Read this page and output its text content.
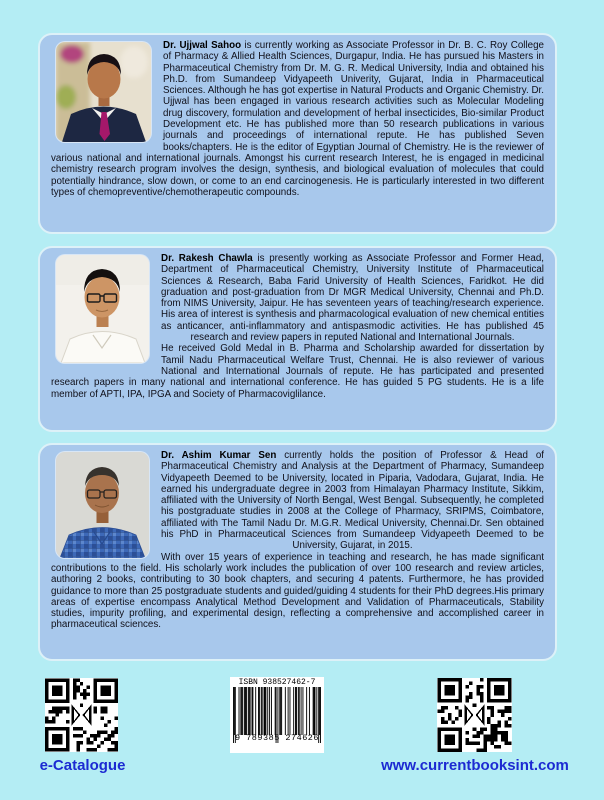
Dr. Ujjwal Sahoo is currently working as Associate Professor in Dr. B. C. Roy College of Pharmacy & Allied Health Sciences, Durgapur, India. He has pursued his Masters in Pharmaceutical Chemistry from Dr. M. G. R. Medical University, India and obtained his Ph.D. from Sumandeep Vidyapeeth Univerity, Gujarat, India in Pharmaceutical Sciences. Although he has got expertise in Natural Products and Organic Chemistry. Dr. Ujjwal has been engaged in various research activities such as Molecular Modeling drug discovery, formulation and development of herbal insecticides, Bio-similar Product Development etc. He has published more than 50 research publications in various journals and proceedings of international repute. He has published Seven books/chapters. He is the editor of Egyptian Journal of Chemistry. He is the reviewer of various national and international journals. Amongst his current research Interest, he is engaged in medicinal chemistry research program involves the design, synthesis, and biological evaluation of molecules that could potentially hindrance, slow down, or come to an end carcinogenesis. He is particularly interested in two different types of chemopreventive/chemotherapeutic compounds.

Dr. Rakesh Chawla is presently working as Associate Professor and Former Head, Department of Pharmaceutical Chemistry, University Institute of Pharmaceutical Sciences & Research, Baba Farid University of Health Sciences, Faridkot. He did graduation and post-graduation from Dr MGR Medical University, Chennai and Ph.D. from NIMS University, Jaipur. He has seventeen years of teaching/research experience. His area of interest is synthesis and pharmacological evaluation of new chemical entities as anticancer, anti-inflammatory and antispasmodic activities. He has published 45 research and review papers in reputed National and International Journals.

He received Gold Medal in B. Pharma and Scholarship awarded for dissertation by Tamil Nadu Pharmaceutical Welfare Trust, Chennai. He is also reviewer of various National and International Journals of repute. He has participated and presented research papers in many national and international conference. He has guided 5 PG students. He is a life member of APTI, IPA, IPGA and Society of Pharmacoviglilance.

Dr. Ashim Kumar Sen currently holds the position of Professor & Head of Pharmaceutical Chemistry and Analysis at the Department of Pharmacy, Sumandeep Vidyapeeth Deemed to be University, located in Piparia, Vadodara, Gujarat, India. He earned his undergraduate degree in 2003 from Himalayan Pharmacy Institute, Sikkim, affiliated with the University of North Bengal, West Bengal. Subsequently, he completed his postgraduate studies in 2008 at the College of Pharmacy, SRIPMS, Coimbatore, affiliated with The Tamil Nadu Dr. M.G.R. Medical University, Chennai.Dr. Sen obtained his PhD in Pharmaceutical Sciences from Sumandeep Vidyapeeth Deemed to be University, Gujarat, in 2015.

With over 15 years of experience in teaching and research, he has made significant contributions to the field. His scholarly work includes the publication of over 100 research and review articles, authoring 2 books, contributing to 30 book chapters, and securing 4 patents. Furthermore, he has provided guidance to more than 25 postgraduate students and guided/guiding 4 students for their PhD degrees.His primary areas of expertise encompass Analytical Method Development and Validation of Pharmaceuticals, Stability studies, impurity profiling, and experimental design, reflecting a comprehensive and accomplished career in pharmaceutical sciences.

e-Catalogue
ISBN 938527462-7
9 789385 274626
www.currentbooksint.com
